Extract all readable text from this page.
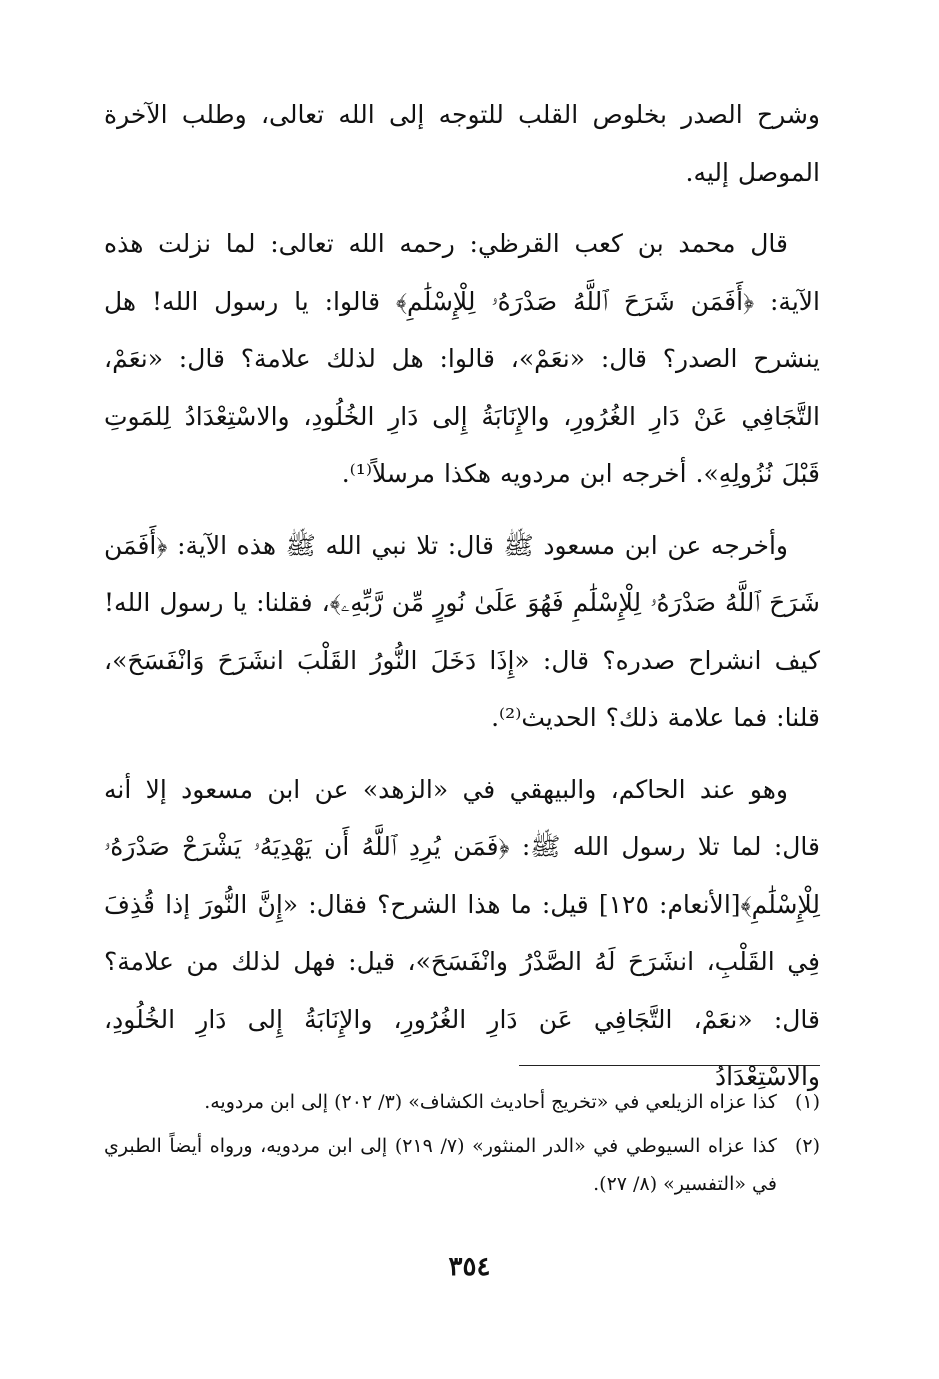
وشرح الصدر بخلوص القلب للتوجه إلى الله تعالى، وطلب الآخرة الموصل إليه.

قال محمد بن كعب القرظي: رحمه الله تعالى: لما نزلت هذه الآية: ﴿أَفَمَن شَرَحَ ٱللَّهُ صَدْرَهُۥ لِلْإِسْلَٰمِ﴾ قالوا: يا رسول الله! هل ينشرح الصدر؟ قال: «نعَمْ»، قالوا: هل لذلك علامة؟ قال: «نعَمْ، التَّجَافِي عَنْ دَارِ الغُرُورِ، والإِنَابَةُ إِلى دَارِ الخُلُودِ، والاسْتِعْدَادُ لِلمَوتِ قَبْلَ نُزُولِهِ». أخرجه ابن مردويه هكذا مرسلاً⁽¹⁾.

وأخرجه عن ابن مسعود ﷺ قال: تلا نبي الله ﷺ هذه الآية: ﴿أَفَمَن شَرَحَ ٱللَّهُ صَدْرَهُۥ لِلْإِسْلَٰمِ فَهُوَ عَلَىٰ نُورٍ مِّن رَّبِّهِۦ﴾، فقلنا: يا رسول الله! كيف انشراح صدره؟ قال: «إِذَا دَخَلَ النُّورُ القَلْبَ انشَرَحَ وَانْفَسَحَ»، قلنا: فما علامة ذلك؟ الحديث⁽²⁾.

وهو عند الحاكم، والبيهقي في «الزهد» عن ابن مسعود إلا أنه قال: لما تلا رسول الله ﷺ: ﴿فَمَن يُرِدِ ٱللَّهُ أَن يَهْدِيَهُۥ يَشْرَحْ صَدْرَهُۥ لِلْإِسْلَٰمِ﴾[الأنعام: ١٢٥] قيل: ما هذا الشرح؟ فقال: «إِنَّ النُّورَ إذا قُذِفَ فِي القَلْبِ، انشَرَحَ لَهُ الصَّدْرُ وانْفَسَحَ»، قيل: فهل لذلك من علامة؟ قال: «نعَمْ، التَّجَافِي عَن دَارِ الغُرُورِ، والإِنَابَةُ إِلى دَارِ الخُلُودِ، والاسْتِعْدَادُ

(١)
كذا عزاه الزيلعي في «تخريج أحاديث الكشاف» (٣/ ٢٠٢) إلى ابن مردويه.
(٢)
كذا عزاه السيوطي في «الدر المنثور» (٧/ ٢١٩) إلى ابن مردويه، ورواه أيضاً الطبري في «التفسير» (٨/ ٢٧).
٣٥٤
